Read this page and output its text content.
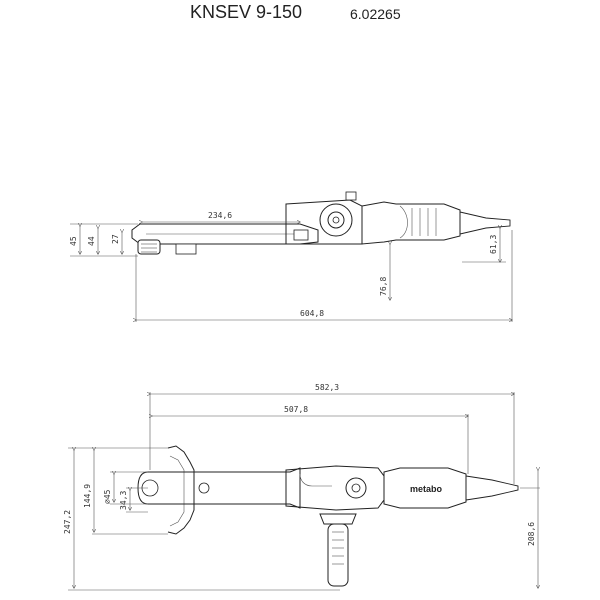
KNSEV 9-150	6.02265
234,6
604,8
45 44 27
76,8
61,3
metabo
582,3
507,8
247,2
144,9 ∅45 34,3
208,6
